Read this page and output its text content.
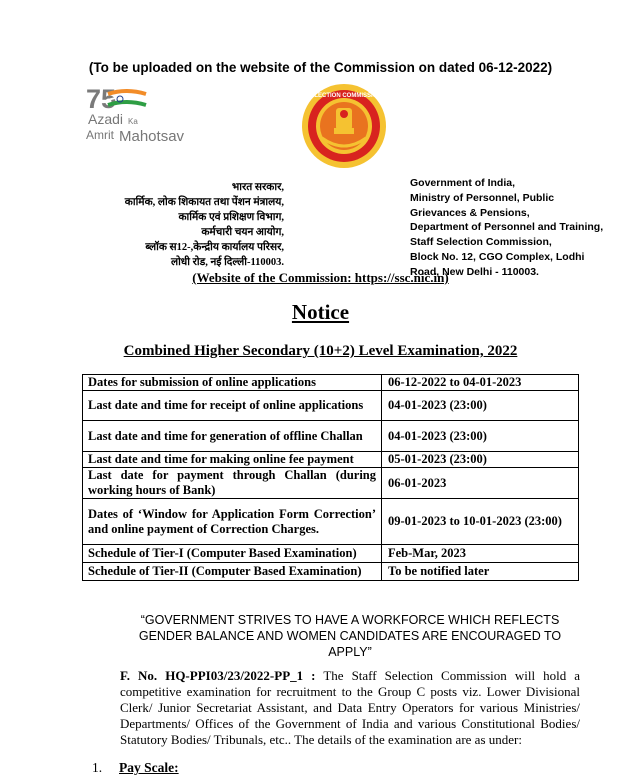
(To be uploaded on the website of the Commission on dated 06-12-2022)
75
Azadi Ka
Amrit Mahotsav
SELECTION COMMISSION
भारत सरकार,
कार्मिक, लोक शिकायत तथा पेंशन मंत्रालय,
कार्मिक एवं प्रशिक्षण विभाग,
कर्मचारी चयन आयोग,
ब्लॉक स12-,केन्द्रीय कार्यालय परिसर,
लोधी रोड, नई दिल्ली-110003.
Government of India,
Ministry of Personnel, Public
Grievances & Pensions,
Department of Personnel and Training,
Staff Selection Commission,
Block No. 12, CGO Complex, Lodhi
Road, New Delhi - 110003.
(Website of the Commission: https://ssc.nic.in)
Notice
Combined Higher Secondary (10+2) Level Examination, 2022
Dates for submission of online applications	06-12-2022 to 04-01-2023
Last date and time for receipt of online applications	04-01-2023 (23:00)
Last date and time for generation of offline Challan	04-01-2023 (23:00)
Last date and time for making online fee payment	05-01-2023 (23:00)
Last date for payment through Challan (during working hours of Bank)	06-01-2023
Dates of ‘Window for Application Form Correction’ and online payment of Correction Charges.	09-01-2023 to 10-01-2023 (23:00)
Schedule of Tier-I (Computer Based Examination)	Feb-Mar, 2023
Schedule of Tier-II (Computer Based Examination)	To be notified later
“GOVERNMENT STRIVES TO HAVE A WORKFORCE WHICH REFLECTS GENDER BALANCE AND WOMEN CANDIDATES ARE ENCOURAGED TO APPLY”
F. No. HQ-PPI03/23/2022-PP_1 : The Staff Selection Commission will hold a competitive examination for recruitment to the Group C posts viz. Lower Divisional Clerk/ Junior Secretariat Assistant, and Data Entry Operators for various Ministries/ Departments/ Offices of the Government of India and various Constitutional Bodies/ Statutory Bodies/ Tribunals, etc.. The details of the examination are as under:
1. Pay Scale:
